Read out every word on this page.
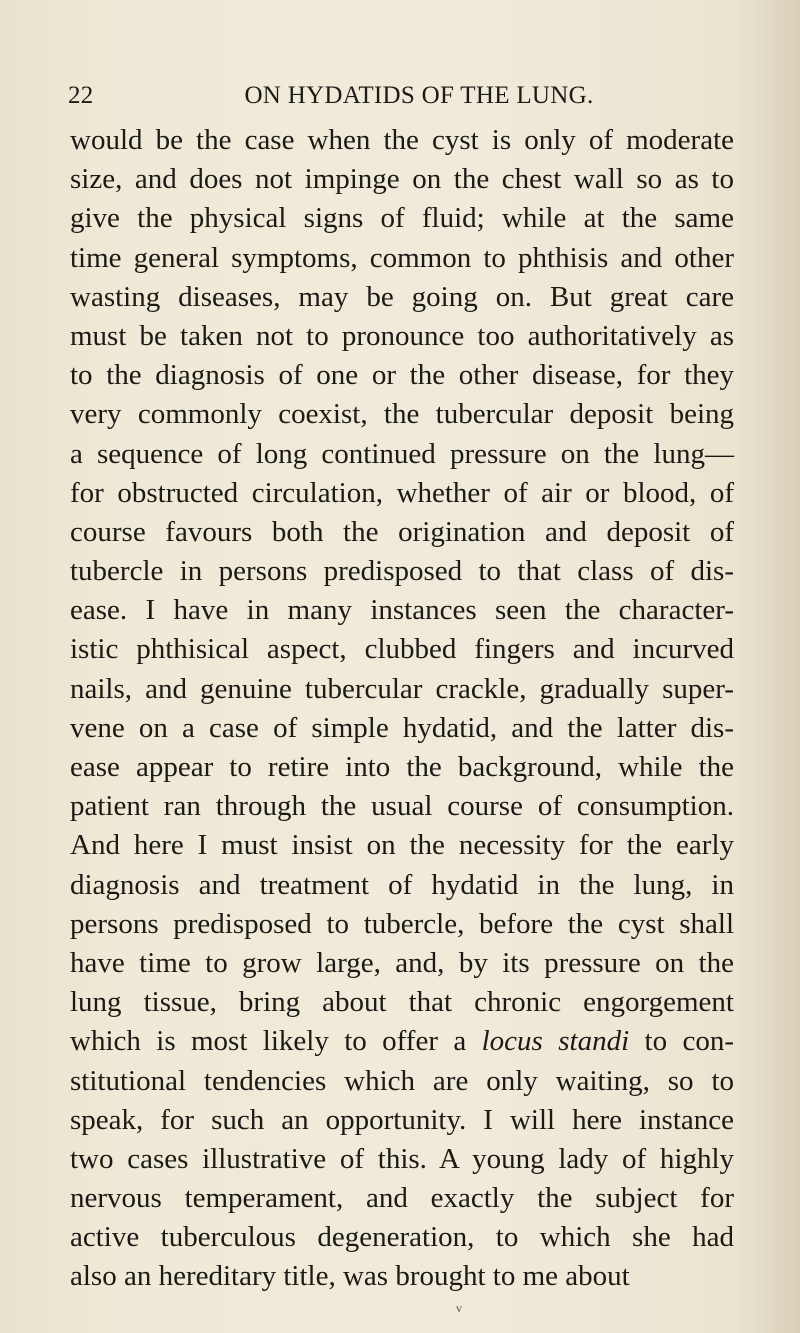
22	ON HYDATIDS OF THE LUNG.
would be the case when the cyst is only of moderate
size, and does not impinge on the chest wall so as to
give the physical signs of fluid; while at the same
time general symptoms, common to phthisis and other
wasting diseases, may be going on. But great care
must be taken not to pronounce too authoritatively as
to the diagnosis of one or the other disease, for they
very commonly coexist, the tubercular deposit being
a sequence of long continued pressure on the lung—
for obstructed circulation, whether of air or blood, of
course favours both the origination and deposit of
tubercle in persons predisposed to that class of dis-
ease. I have in many instances seen the character-
istic phthisical aspect, clubbed fingers and incurved
nails, and genuine tubercular crackle, gradually super-
vene on a case of simple hydatid, and the latter dis-
ease appear to retire into the background, while the
patient ran through the usual course of consumption.
And here I must insist on the necessity for the early
diagnosis and treatment of hydatid in the lung, in
persons predisposed to tubercle, before the cyst shall
have time to grow large, and, by its pressure on the
lung tissue, bring about that chronic engorgement
which is most likely to offer a locus standi to con-
stitutional tendencies which are only waiting, so to
speak, for such an opportunity. I will here instance
two cases illustrative of this. A young lady of highly
nervous temperament, and exactly the subject for
active tuberculous degeneration, to which she had
also an hereditary title, was brought to me about
v
